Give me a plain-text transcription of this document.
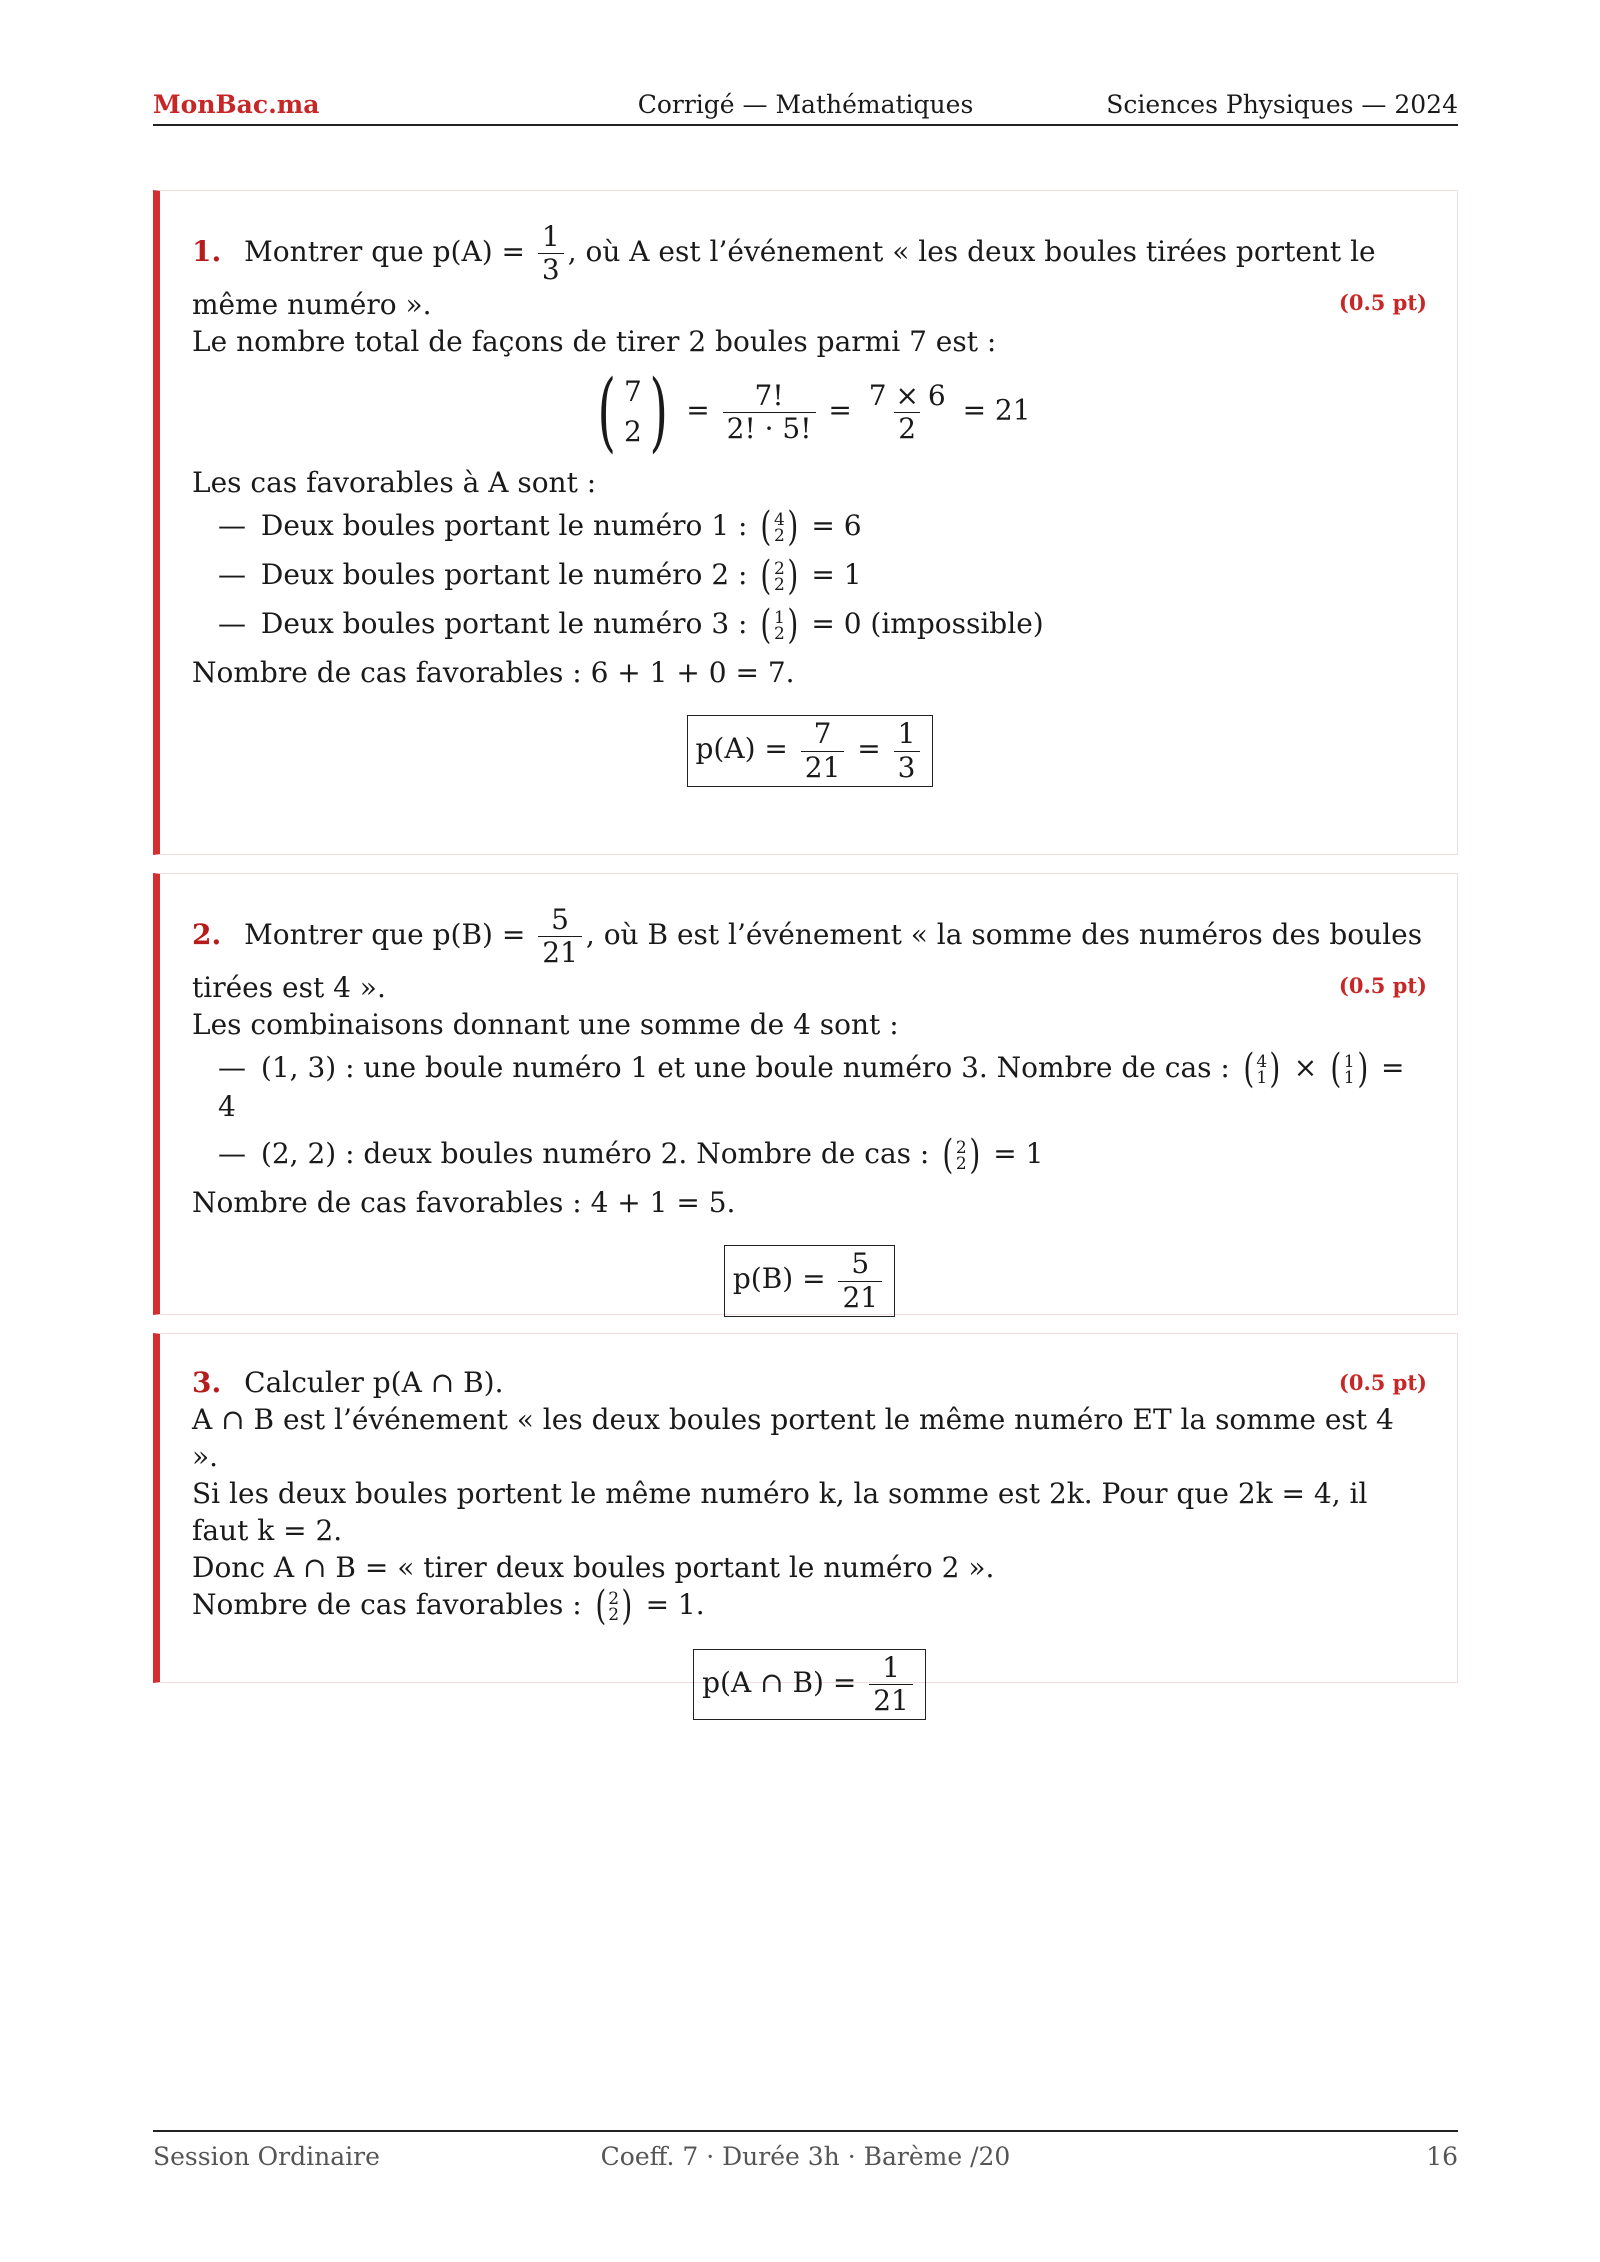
MonBac.ma	Corrigé — Mathématiques	Sciences Physiques — 2024
1. Montrer que $p(A) = \frac{1}{3}$ , où A est l’événement « les deux boules tirées portent le même numéro ».	(0.5 pt)
Le nombre total de façons de tirer 2 boules parmi 7 est :
( 7
2 ) = $\frac{7!}{2! \cdot 5!} = \frac{7 \times 6}{2} = 21$
Les cas favorables à A sont :
— Deux boules portant le numéro 1 : ( 4
2 ) = 6
— Deux boules portant le numéro 2 : ( 2
2 ) = 1
— Deux boules portant le numéro 3 : ( 1
2 ) = 0 (impossible)
Nombre de cas favorables : 6 + 1 + 0 = 7.
$p(A) = \frac{7}{21} = \frac{1}{3}$
2. Montrer que $p(B) = \frac{5}{21}$ , où B est l’événement « la somme des numéros des boules tirées est 4 ».	(0.5 pt)
Les combinaisons donnant une somme de 4 sont :
— (1, 3) : une boule numéro 1 et une boule numéro 3. Nombre de cas : ( 4
1 ) × ( 1
1 ) = 4
— (2, 2) : deux boules numéro 2. Nombre de cas : ( 2
2 ) = 1
Nombre de cas favorables : 4 + 1 = 5.
$p(B) = \frac{5}{21}$
3. Calculer p(A ∩ B).	(0.5 pt)
A ∩ B est l’événement « les deux boules portent le même numéro ET la somme est 4 ».
Si les deux boules portent le même numéro k, la somme est 2k. Pour que 2k = 4, il faut k = 2.
Donc A ∩ B = « tirer deux boules portant le numéro 2 ».
Nombre de cas favorables : ( 2
2 ) = 1.
p(A ∩ $B) = \frac{1}{21}$
Session Ordinaire	Coeff. 7 · Durée 3h · Barème /20	16
